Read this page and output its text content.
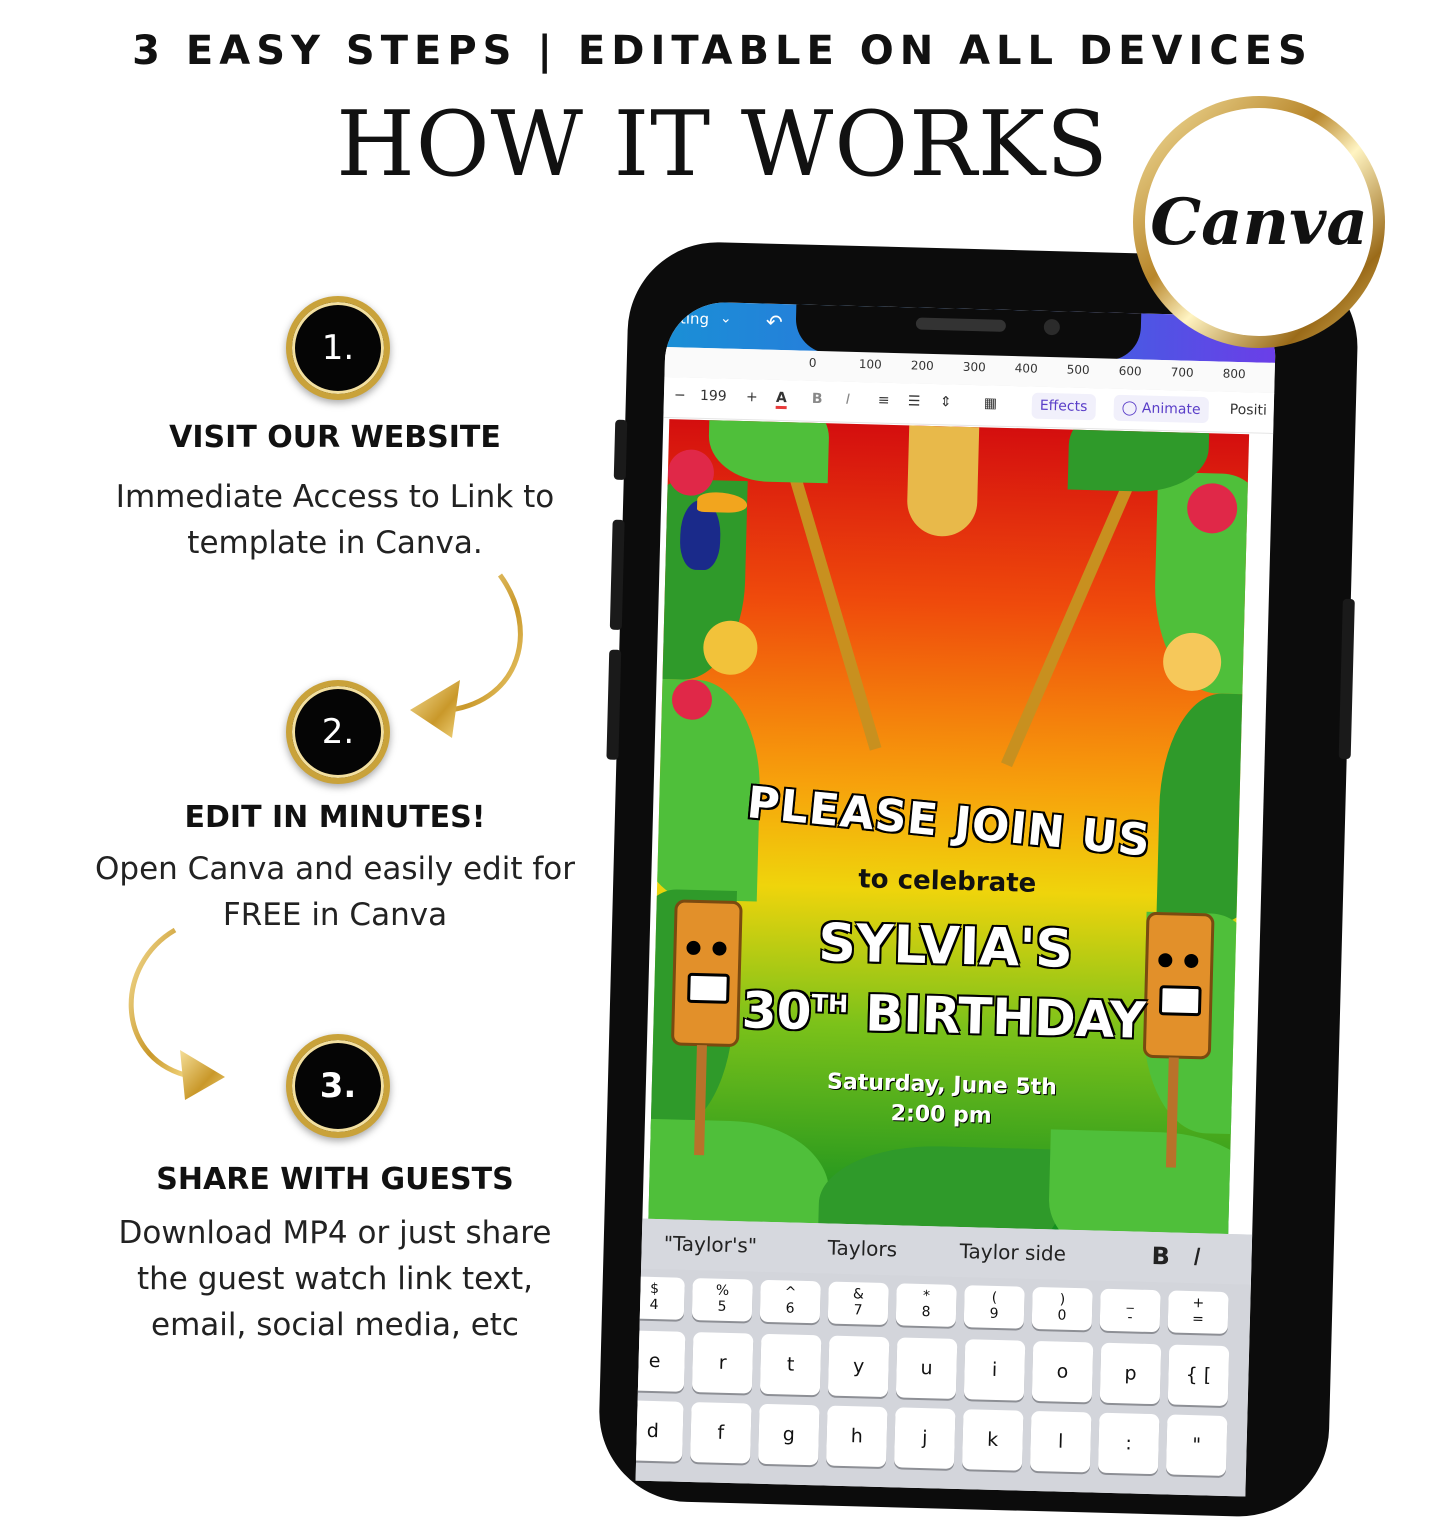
3 EASY STEPS | EDITABLE ON ALL DEVICES
HOW IT WORKS
1.
VISIT OUR WEBSITE
Immediate Access to Link to
template in Canva.
2.
EDIT IN MINUTES!
Open Canva and easily edit for
FREE in Canva
3.
SHARE WITH GUESTS
Download MP4 or just share
the guest watch link text,
email, social media, etc
ting ⌄ ↶
0	100 200 300 400 500 600 700 800
− 199 + A B I ≡ ☰ ⇕ ▦	Effects	◯ Animate	Positi
PLEASE JOIN US
to celebrate
SYLVIA'S
30TH BIRTHDAY
Saturday, June 5th
2:00 pm
"Taylor's"	Taylors	Taylor side	B I
$
4
%
5
^
6
&
7
*
8
(
9
)
0
_
-
+
=
e	r	t	y	u	i	o	p	{ [
d	f	g	h	j	k	l	:	"
Canva
